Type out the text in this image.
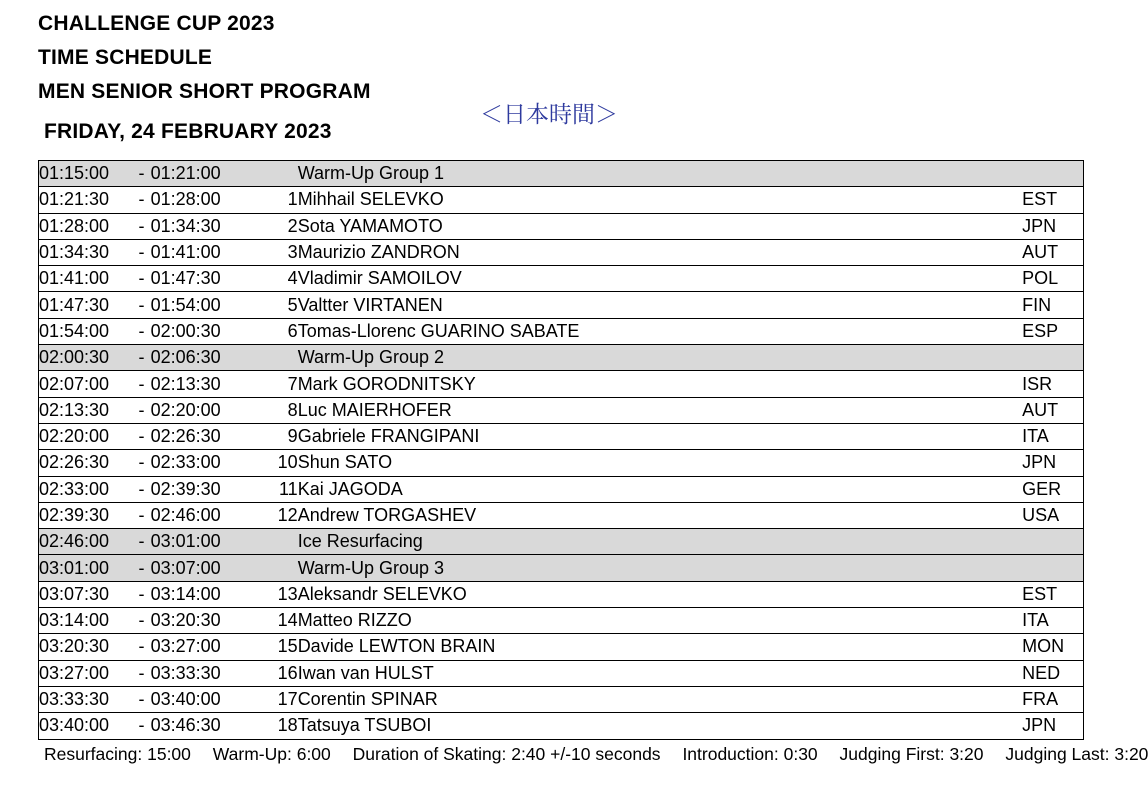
CHALLENGE CUP 2023
TIME SCHEDULE
MEN SENIOR SHORT PROGRAM
FRIDAY, 24 FEBRUARY 2023
＜日本時間＞
01:15:00	-	01:21:00		Warm-Up Group 1	
01:21:30	-	01:28:00	1	Mihhail SELEVKO	EST
01:28:00	-	01:34:30	2	Sota YAMAMOTO	JPN
01:34:30	-	01:41:00	3	Maurizio ZANDRON	AUT
01:41:00	-	01:47:30	4	Vladimir SAMOILOV	POL
01:47:30	-	01:54:00	5	Valtter VIRTANEN	FIN
01:54:00	-	02:00:30	6	Tomas-Llorenc GUARINO SABATE	ESP
02:00:30	-	02:06:30		Warm-Up Group 2	
02:07:00	-	02:13:30	7	Mark GORODNITSKY	ISR
02:13:30	-	02:20:00	8	Luc MAIERHOFER	AUT
02:20:00	-	02:26:30	9	Gabriele FRANGIPANI	ITA
02:26:30	-	02:33:00	10	Shun SATO	JPN
02:33:00	-	02:39:30	11	Kai JAGODA	GER
02:39:30	-	02:46:00	12	Andrew TORGASHEV	USA
02:46:00	-	03:01:00		Ice Resurfacing	
03:01:00	-	03:07:00		Warm-Up Group 3	
03:07:30	-	03:14:00	13	Aleksandr SELEVKO	EST
03:14:00	-	03:20:30	14	Matteo RIZZO	ITA
03:20:30	-	03:27:00	15	Davide LEWTON BRAIN	MON
03:27:00	-	03:33:30	16	Iwan van HULST	NED
03:33:30	-	03:40:00	17	Corentin SPINAR	FRA
03:40:00	-	03:46:30	18	Tatsuya TSUBOI	JPN
Resurfacing: 15:00 Warm-Up: 6:00 Duration of Skating: 2:40 +/-10 seconds Introduction: 0:30 Judging First: 3:20 Judging Last: 3:20
